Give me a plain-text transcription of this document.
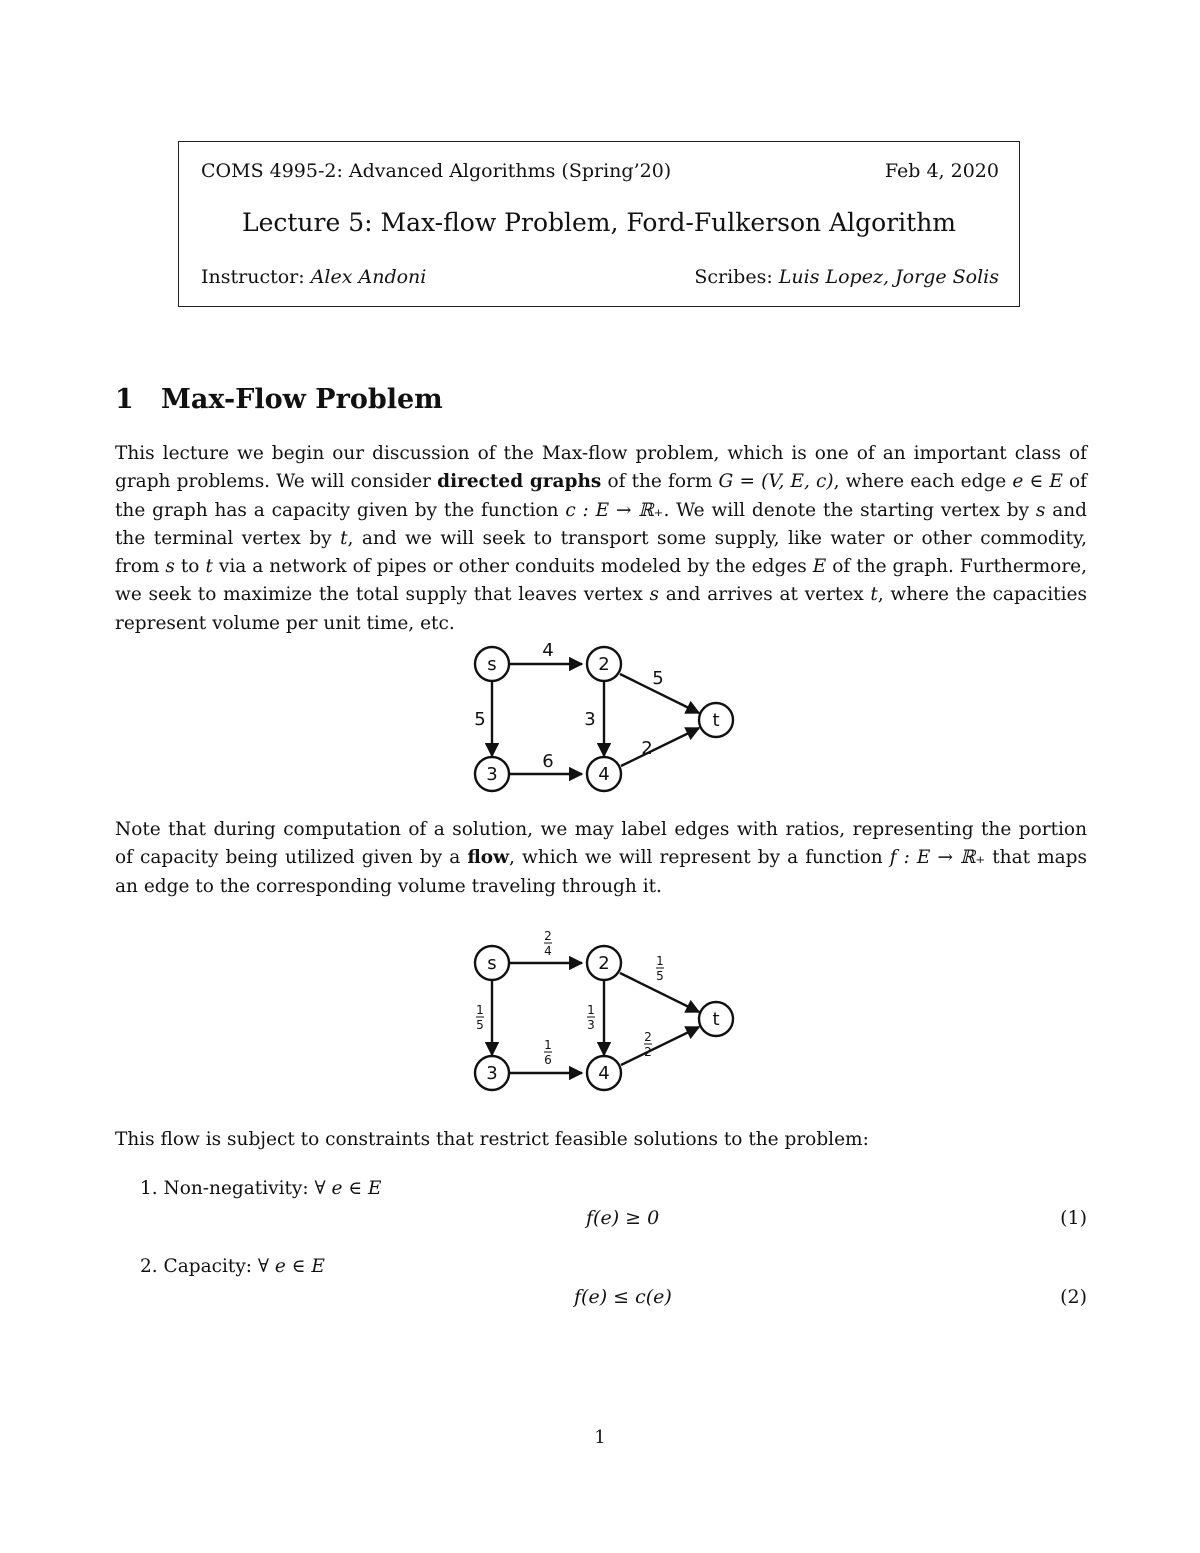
COMS 4995-2: Advanced Algorithms (Spring’20)	Feb 4, 2020
Lecture 5: Max-flow Problem, Ford-Fulkerson Algorithm
Instructor: Alex Andoni	Scribes: Luis Lopez, Jorge Solis
1 Max-Flow Problem
This lecture we begin our discussion of the Max-flow problem, which is one of an important class of graph problems. We will consider directed graphs of the form G = (V, E, c), where each edge e ∈ E of the graph has a capacity given by the function c : E → ℝ₊. We will denote the starting vertex by s and the terminal vertex by t, and we will seek to transport some supply, like water or other commodity, from s to t via a network of pipes or other conduits modeled by the edges E of the graph. Furthermore, we seek to maximize the total supply that leaves vertex s and arrives at vertex t, where the capacities represent volume per unit time, etc.
s	2
3	4
t
4
5
5
3
6
2
Note that during computation of a solution, we may label edges with ratios, representing the portion of capacity being utilized given by a flow, which we will represent by a function f : E → ℝ₊ that maps an edge to the corresponding volume traveling through it.
s	2
3	4
t
2
4
1
5
1
5
1
3
1
6
2
2
This flow is subject to constraints that restrict feasible solutions to the problem:
1. Non-negativity: ∀ e ∈ E
f(e) ≥ 0	(1)
2. Capacity: ∀ e ∈ E
f(e) ≤ c(e)	(2)
1
